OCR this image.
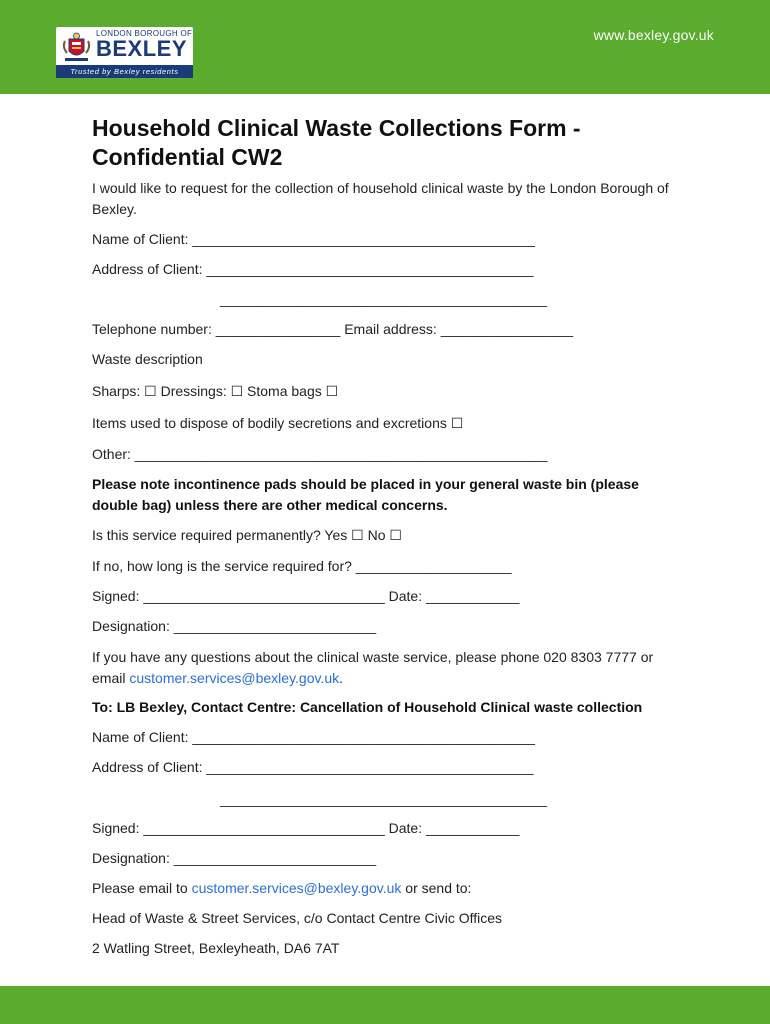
LONDON BOROUGH OF
BEXLEY
Trusted by Bexley residents
www.bexley.gov.uk
Household Clinical Waste Collections Form - Confidential CW2

I would like to request for the collection of household clinical waste by the London Borough of Bexley.

Name of Client: ____________________________________________
Address of Client: __________________________________________
__________________________________________
Telephone number: ________________ Email address: _________________
Waste description
Sharps: ☐ Dressings: ☐ Stoma bags ☐
Items used to dispose of bodily secretions and excretions ☐
Other: _____________________________________________________
Please note incontinence pads should be placed in your general waste bin (please double bag) unless there are other medical concerns.
Is this service required permanently? Yes ☐ No ☐
If no, how long is the service required for? ____________________
Signed: _______________________________ Date: ____________
Designation: __________________________
If you have any questions about the clinical waste service, please phone 020 8303 7777 or email customer.services@bexley.gov.uk.
To: LB Bexley, Contact Centre: Cancellation of Household Clinical waste collection
Name of Client: ____________________________________________
Address of Client: __________________________________________
__________________________________________
Signed: _______________________________ Date: ____________
Designation: __________________________
Please email to customer.services@bexley.gov.uk or send to:
Head of Waste & Street Services, c/o Contact Centre Civic Offices
2 Watling Street, Bexleyheath, DA6 7AT
